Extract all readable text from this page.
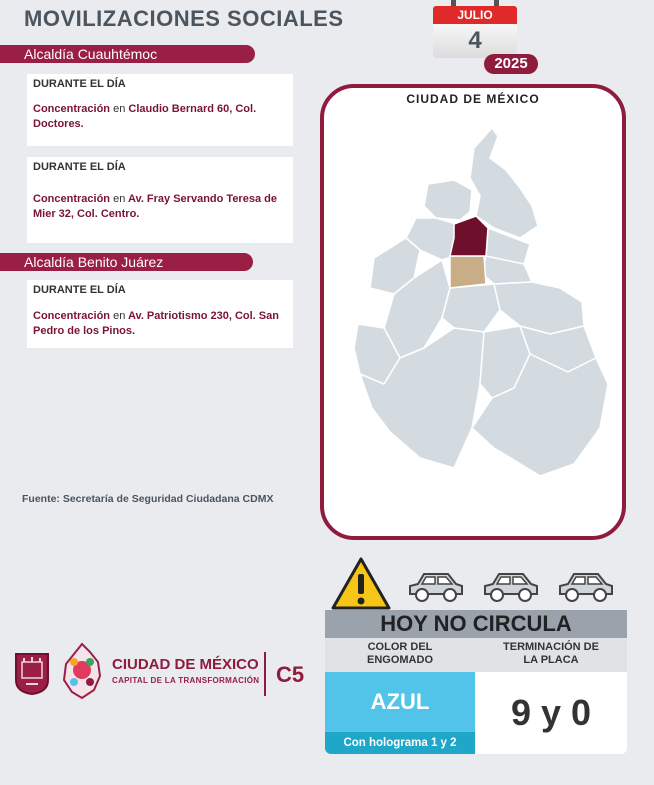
MOVILIZACIONES SOCIALES	JULIO
4
2025
Alcaldía Cuauhtémoc
DURANTE EL DÍA
Concentración en Claudio Bernard 60, Col. Doctores.
DURANTE EL DÍA
Concentración en Av. Fray Servando Teresa de Mier 32, Col. Centro.
Alcaldía Benito Juárez
DURANTE EL DÍA
Concentración en Av. Patriotismo 230, Col. San Pedro de los Pinos.
Fuente: Secretaría de Seguridad Ciudadana CDMX
CIUDAD DE MÉXICO
HOY NO CIRCULA
COLOR DEL ENGOMADO
TERMINACIÓN DE LA PLACA
AZUL
Con holograma 1 y 2
9 y 0
CIUDAD DE MÉXICO
CAPITAL DE LA TRANSFORMACIÓN C5
